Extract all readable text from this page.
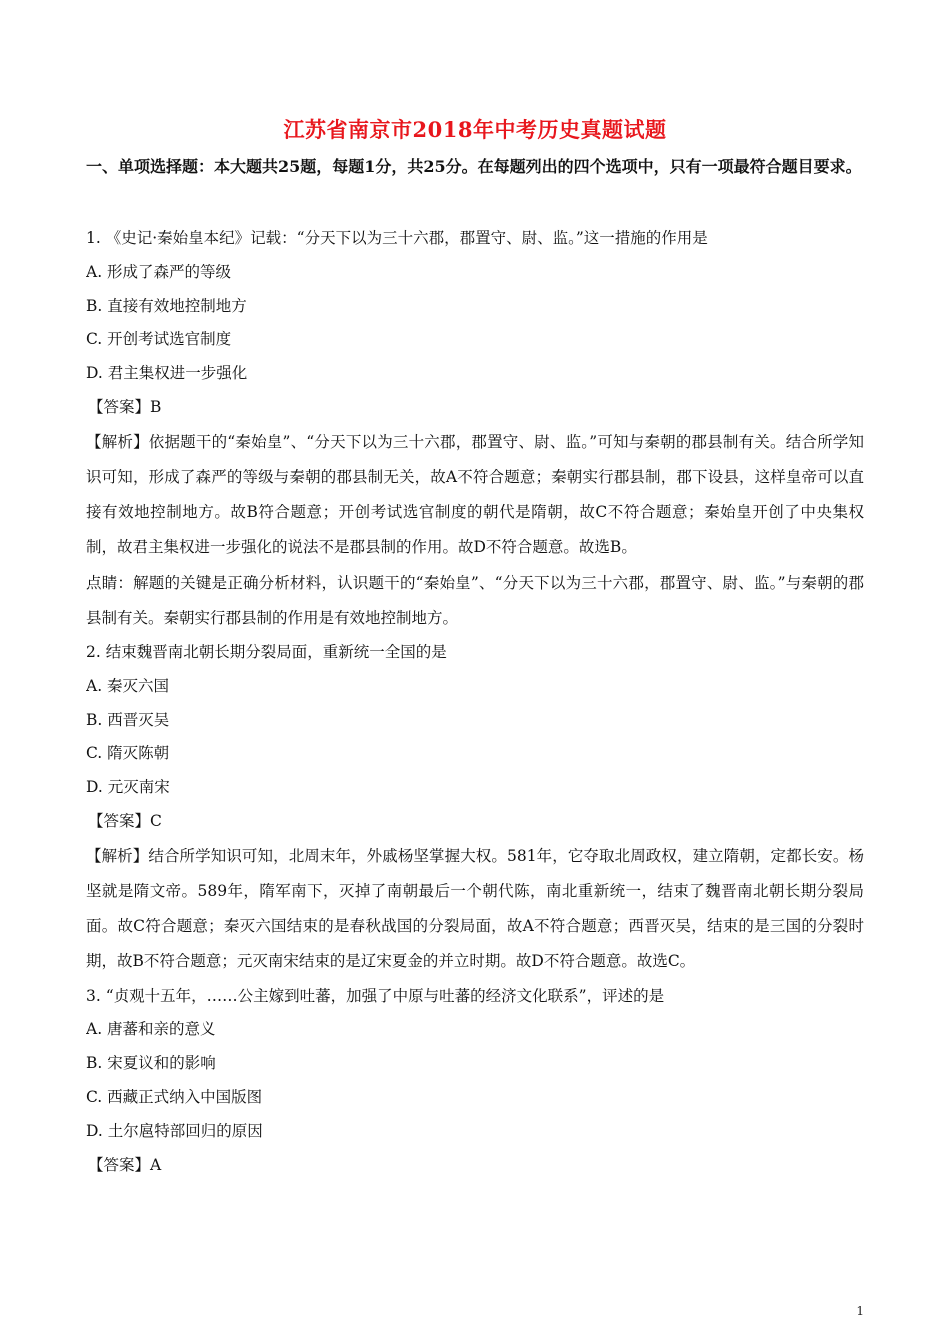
江苏省南京市2018年中考历史真题试题
一、单项选择题：本大题共25题，每题1分，共25分。在每题列出的四个选项中，只有一项最符合题目要求。
1. 《史记·秦始皇本纪》记载：“分天下以为三十六郡，郡置守、尉、监。”这一措施的作用是
A. 形成了森严的等级
B. 直接有效地控制地方
C. 开创考试选官制度
D. 君主集权进一步强化
【答案】B
【解析】依据题干的“秦始皇”、“分天下以为三十六郡，郡置守、尉、监。”可知与秦朝的郡县制有关。结合所学知识可知，形成了森严的等级与秦朝的郡县制无关，故A不符合题意；秦朝实行郡县制，郡下设县，这样皇帝可以直接有效地控制地方。故B符合题意；开创考试选官制度的朝代是隋朝，故C不符合题意；秦始皇开创了中央集权制，故君主集权进一步强化的说法不是郡县制的作用。故D不符合题意。故选B。
点睛：解题的关键是正确分析材料，认识题干的“秦始皇”、“分天下以为三十六郡，郡置守、尉、监。”与秦朝的郡县制有关。秦朝实行郡县制的作用是有效地控制地方。
2. 结束魏晋南北朝长期分裂局面，重新统一全国的是
A. 秦灭六国
B. 西晋灭吴
C. 隋灭陈朝
D. 元灭南宋
【答案】C
【解析】结合所学知识可知，北周末年，外戚杨坚掌握大权。581年，它夺取北周政权，建立隋朝，定都长安。杨坚就是隋文帝。589年，隋军南下，灭掉了南朝最后一个朝代陈，南北重新统一，结束了魏晋南北朝长期分裂局面。故C符合题意；秦灭六国结束的是春秋战国的分裂局面，故A不符合题意；西晋灭吴，结束的是三国的分裂时期，故B不符合题意；元灭南宋结束的是辽宋夏金的并立时期。故D不符合题意。故选C。
3. “贞观十五年，……公主嫁到吐蕃，加强了中原与吐蕃的经济文化联系”，评述的是
A. 唐蕃和亲的意义
B. 宋夏议和的影响
C. 西藏正式纳入中国版图
D. 土尔扈特部回归的原因
【答案】A
1
